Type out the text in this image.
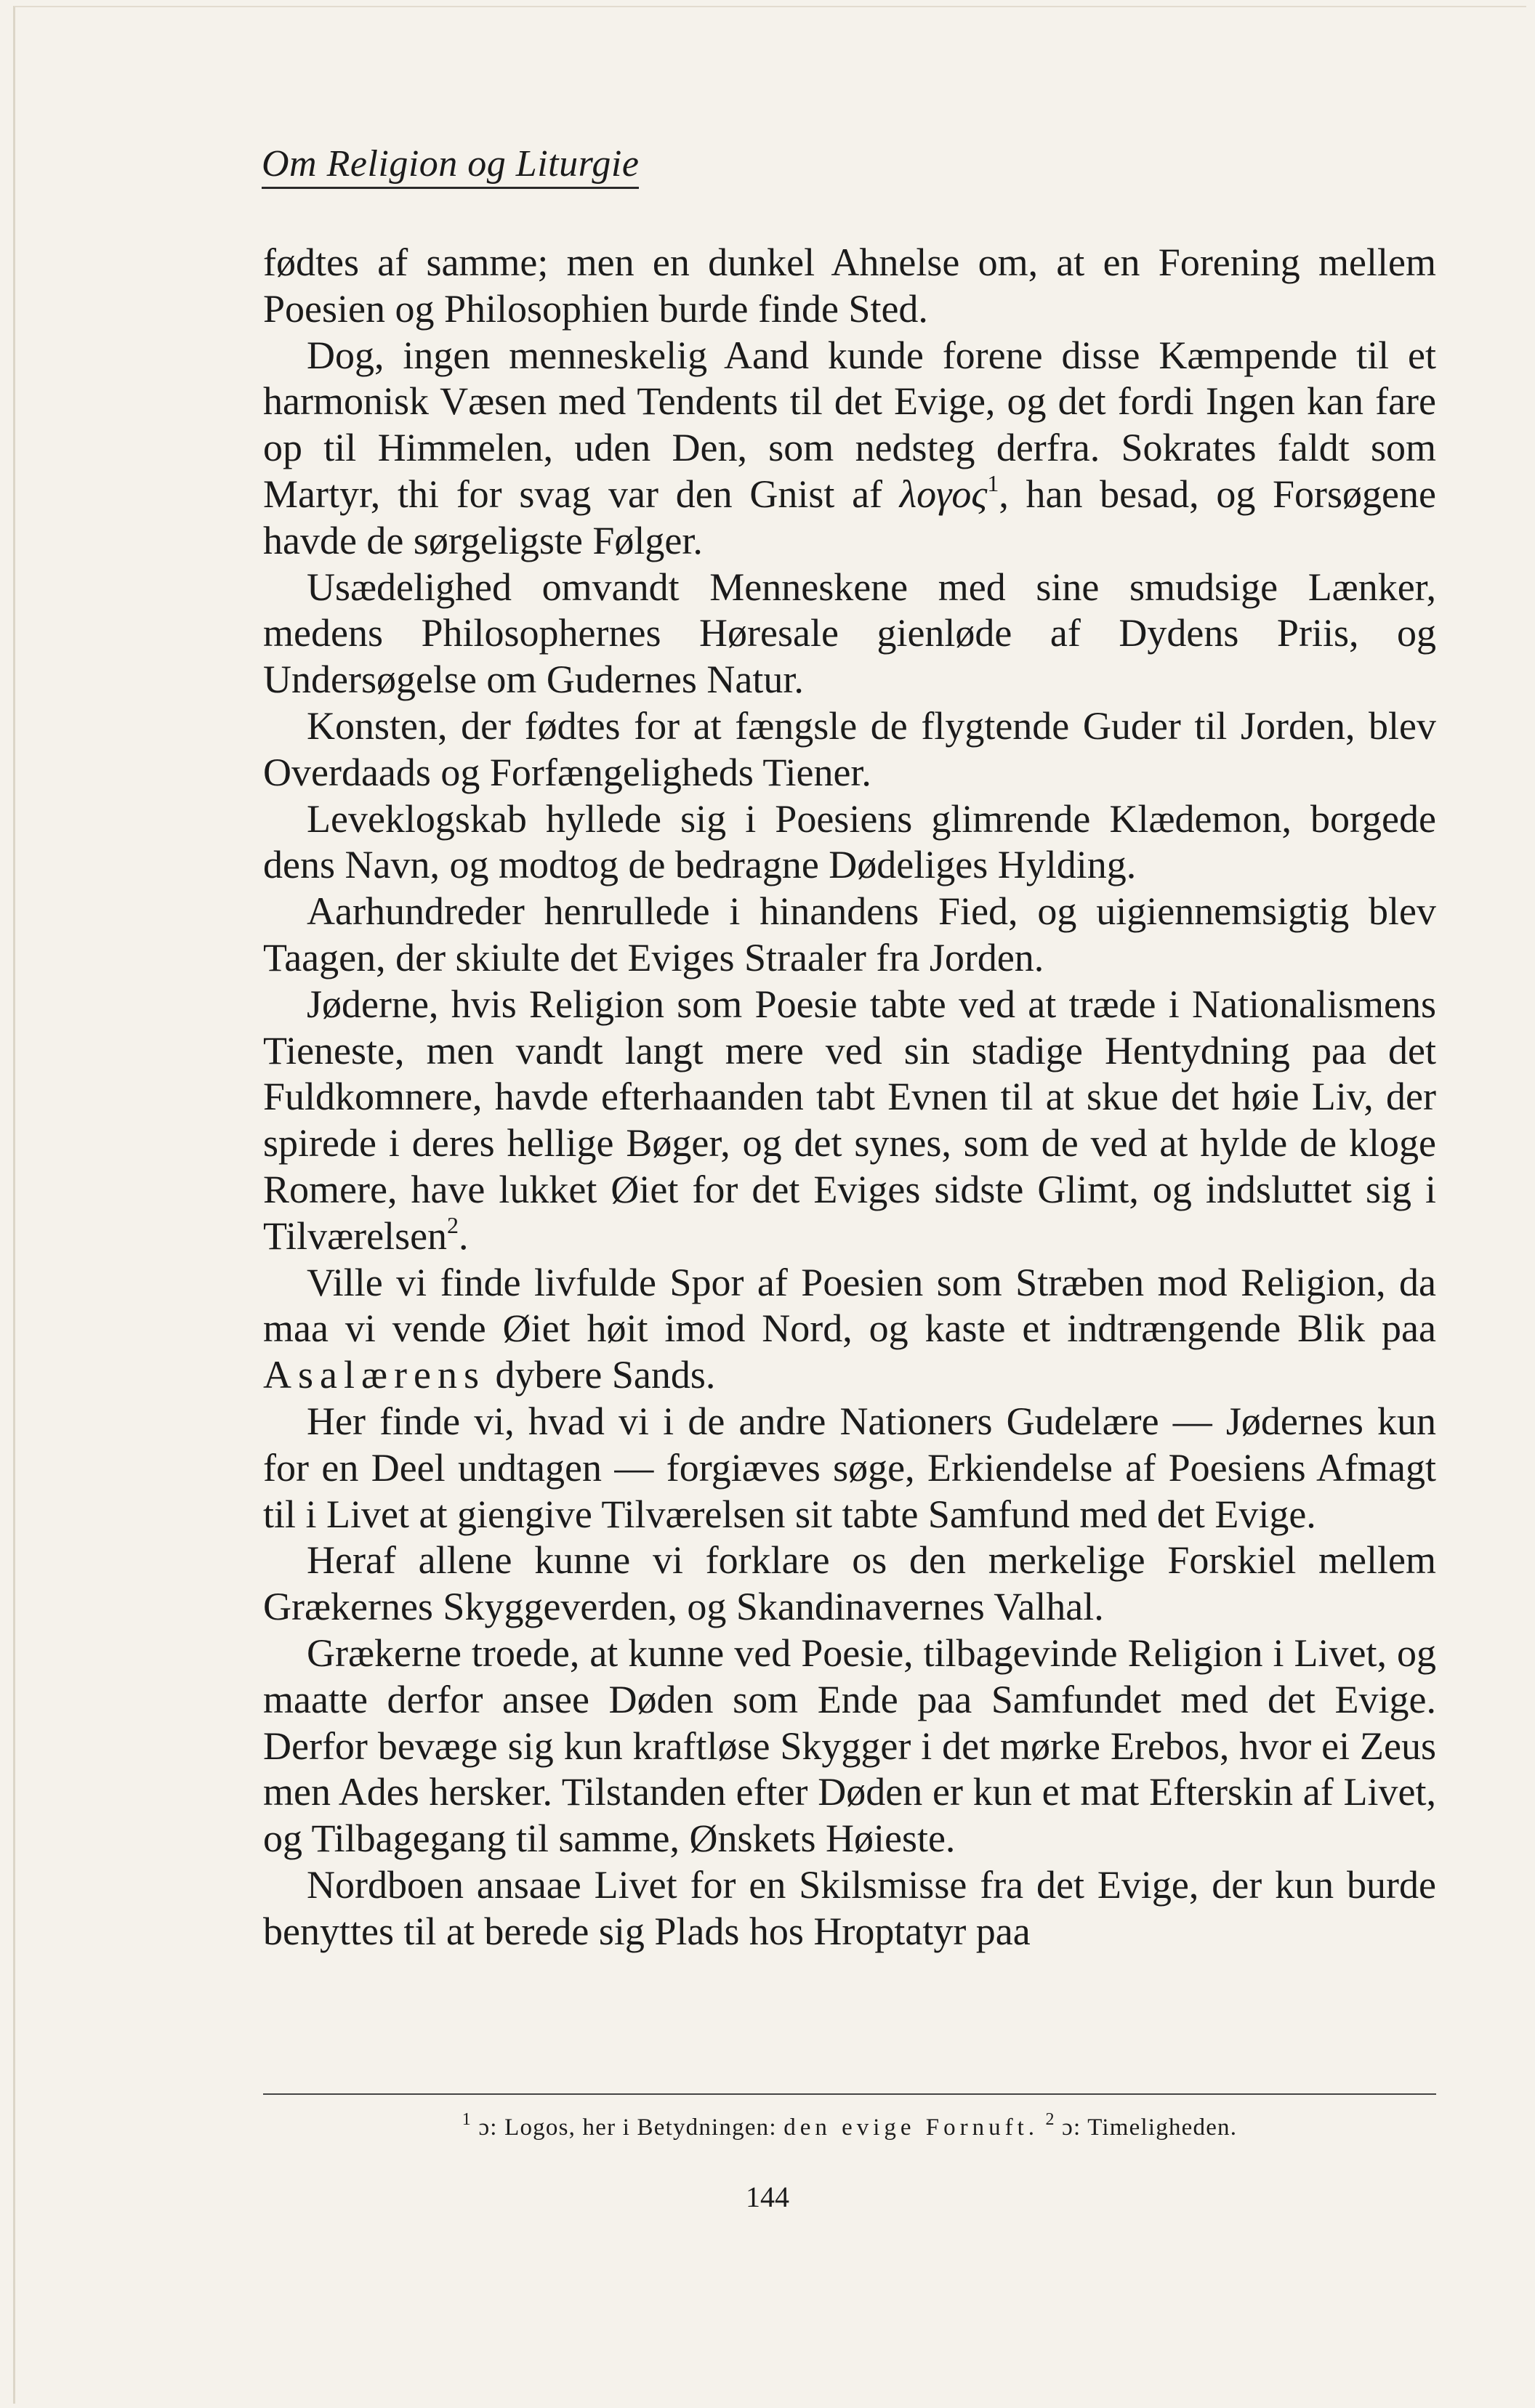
Om Religion og Liturgie

fødtes af samme; men en dunkel Ahnelse om, at en Forening mellem Poesien og Philosophien burde finde Sted.

Dog, ingen menneskelig Aand kunde forene disse Kæmpende til et harmonisk Væsen med Tendents til det Evige, og det fordi Ingen kan fare op til Himmelen, uden Den, som nedsteg derfra. Sokrates faldt som Martyr, thi for svag var den Gnist af λογος$^1$, han besad, og Forsøgene havde de sørgeligste Følger.

Usædelighed omvandt Menneskene med sine smudsige Lænker, medens Philosophernes Høresale gienløde af Dydens Priis, og Undersøgelse om Gudernes Natur.

Konsten, der fødtes for at fængsle de flygtende Guder til Jorden, blev Overdaads og Forfængeligheds Tiener.

Leveklogskab hyllede sig i Poesiens glimrende Klædemon, borgede dens Navn, og modtog de bedragne Dødeliges Hylding.

Aarhundreder henrullede i hinandens Fied, og uigiennemsigtig blev Taagen, der skiulte det Eviges Straaler fra Jorden.

Jøderne, hvis Religion som Poesie tabte ved at træde i Nationalismens Tieneste, men vandt langt mere ved sin stadige Hentydning paa det Fuldkomnere, havde efterhaanden tabt Evnen til at skue det høie Liv, der spirede i deres hellige Bøger, og det synes, som de ved at hylde de kloge Romere, have lukket Øiet for det Eviges sidste Glimt, og indsluttet sig i Tilværelsen$^2$.

Ville vi finde livfulde Spor af Poesien som Stræben mod Religion, da maa vi vende Øiet høit imod Nord, og kaste et indtrængende Blik paa Asalærens dybere Sands.

Her finde vi, hvad vi i de andre Nationers Gudelære — Jødernes kun for en Deel undtagen — forgiæves søge, Erkiendelse af Poesiens Afmagt til i Livet at giengive Tilværelsen sit tabte Samfund med det Evige.

Heraf allene kunne vi forklare os den merkelige Forskiel mellem Grækernes Skyggeverden, og Skandinavernes Valhal.

Grækerne troede, at kunne ved Poesie, tilbagevinde Religion i Livet, og maatte derfor ansee Døden som Ende paa Samfundet med det Evige. Derfor bevæge sig kun kraftløse Skygger i det mørke Erebos, hvor ei Zeus men Ades hersker. Tilstanden efter Døden er kun et mat Efterskin af Livet, og Tilbagegang til samme, Ønskets Høieste.

Nordboen ansaae Livet for en Skilsmisse fra det Evige, der kun burde benyttes til at berede sig Plads hos Hroptatyr paa

$^1$ ɔ: Logos, her i Betydningen: den evige Fornuft. $^2$ ɔ: Timeligheden.
144
